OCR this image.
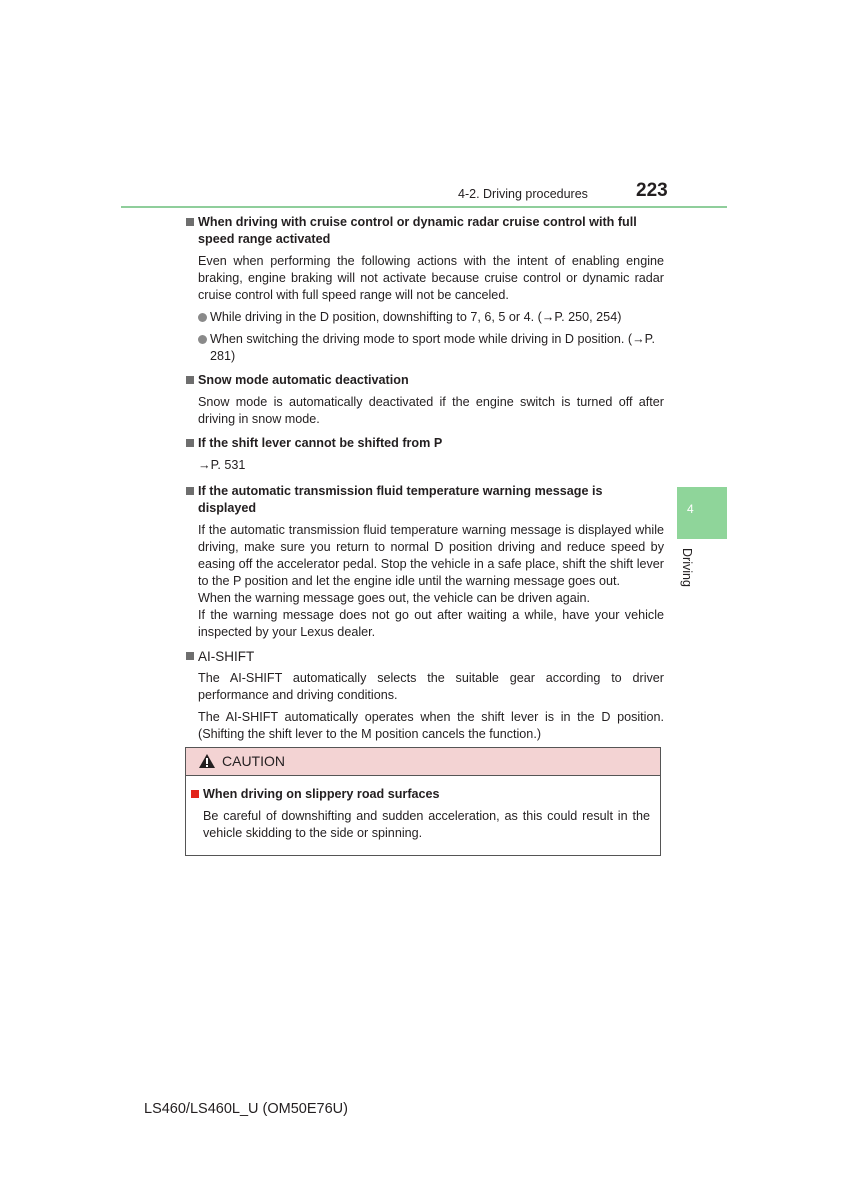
4-2. Driving procedures	223
4
Driving
When driving with cruise control or dynamic radar cruise control with full speed range activated
Even when performing the following actions with the intent of enabling engine braking, engine braking will not activate because cruise control or dynamic radar cruise control with full speed range will not be canceled.
While driving in the D position, downshifting to 7, 6, 5 or 4. (→P. 250, 254)
When switching the driving mode to sport mode while driving in D position. (→P. 281)
Snow mode automatic deactivation
Snow mode is automatically deactivated if the engine switch is turned off after driving in snow mode.
If the shift lever cannot be shifted from P
→P. 531
If the automatic transmission fluid temperature warning message is displayed
If the automatic transmission fluid temperature warning message is displayed while driving, make sure you return to normal D position driving and reduce speed by easing off the accelerator pedal. Stop the vehicle in a safe place, shift the shift lever to the P position and let the engine idle until the warning message goes out.
When the warning message goes out, the vehicle can be driven again.
If the warning message does not go out after waiting a while, have your vehicle inspected by your Lexus dealer.
AI-SHIFT
The AI-SHIFT automatically selects the suitable gear according to driver performance and driving conditions.
The AI-SHIFT automatically operates when the shift lever is in the D position. (Shifting the shift lever to the M position cancels the function.)
CAUTION
When driving on slippery road surfaces
Be careful of downshifting and sudden acceleration, as this could result in the vehicle skidding to the side or spinning.
LS460/LS460L_U (OM50E76U)
